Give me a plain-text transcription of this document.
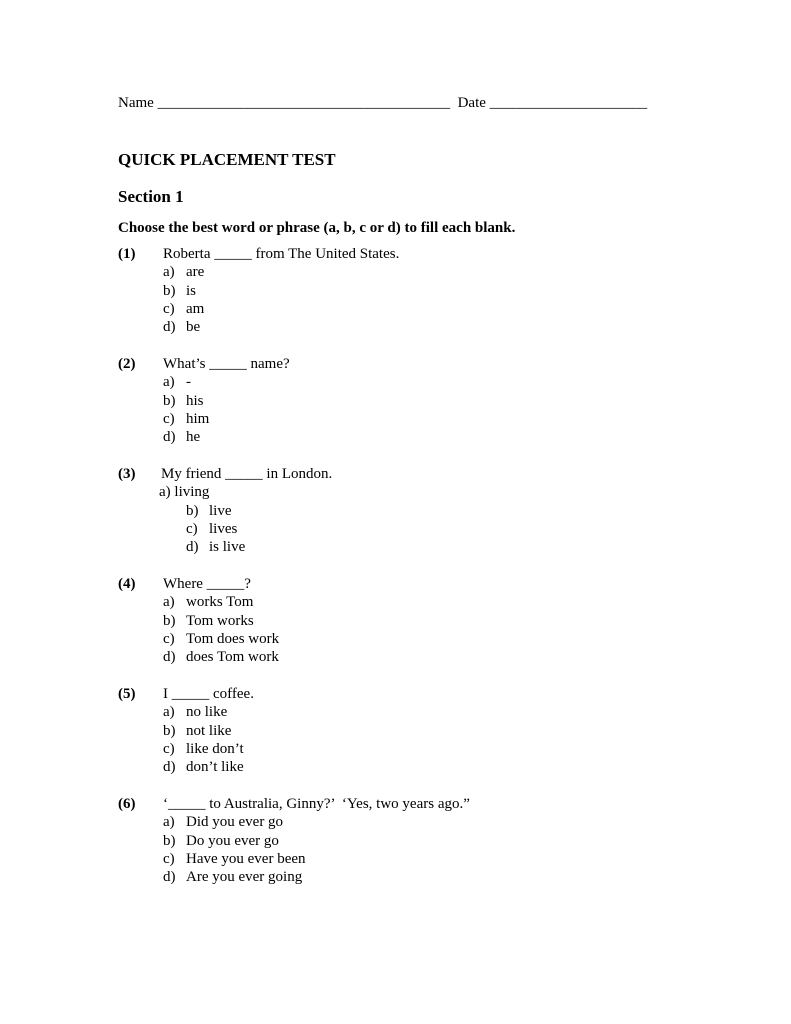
Name _______________________________________ Date _____________________
QUICK PLACEMENT TEST
Section 1
Choose the best word or phrase (a, b, c or d) to fill each blank.
(1) Roberta _____ from The United States.
a) are
b) is
c) am
d) be
(2) What’s _____ name?
a) -
b) his
c) him
d) he
(3) My friend _____ in London.
a)
living
b) live
c) lives
d) is live
(4) Where _____?
a) works Tom
b) Tom works
c) Tom does work
d) does Tom work
(5) I _____ coffee.
a) no like
b) not like
c) like don’t
d) don’t like
(6) ‘_____ to Australia, Ginny?’  ‘Yes, two years ago.”
a) Did you ever go
b) Do you ever go
c) Have you ever been
d) Are you ever going
